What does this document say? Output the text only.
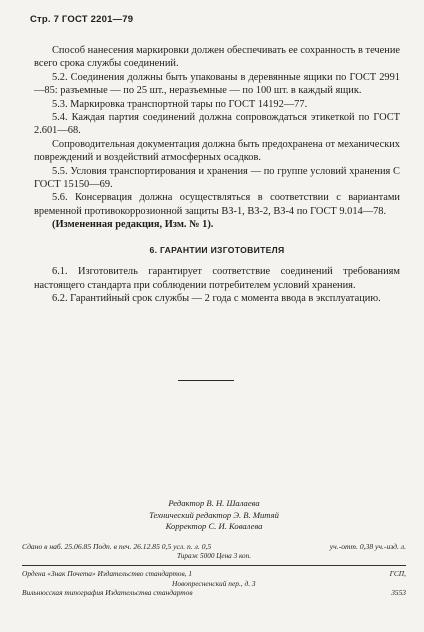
Стр. 7 ГОСТ 2201—79

Способ нанесения маркировки должен обеспечивать ее сохранность в течение всего срока службы соединений.

5.2. Соединения должны быть упакованы в деревянные ящики по ГОСТ 2991—85: разъемные — по 25 шт., неразъемные — по 100 шт. в каждый ящик.

5.3. Маркировка транспортной тары по ГОСТ 14192—77.

5.4. Каждая партия соединений должна сопровождаться этикеткой по ГОСТ 2.601—68.

Сопроводительная документация должна быть предохранена от механических повреждений и воздействий атмосферных осадков.

5.5. Условия транспортирования и хранения — по группе условий хранения С ГОСТ 15150—69.

5.6. Консервация должна осуществляться в соответствии с вариантами временной противокоррозионной защиты ВЗ-1, ВЗ-2, ВЗ-4 по ГОСТ 9.014—78.

(Измененная редакция, Изм. № 1).

6. ГАРАНТИИ ИЗГОТОВИТЕЛЯ

6.1. Изготовитель гарантирует соответствие соединений требованиям настоящего стандарта при соблюдении потребителем условий хранения.

6.2. Гарантийный срок службы — 2 года с момента ввода в эксплуатацию.

Редактор В. Н. Шалаева
Технический редактор Э. В. Митяй
Корректор С. И. Ковалева
Сдано в наб. 25.06.85 Подп. в печ. 26.12.85 0,5 усл. п. л. 0,5	уч.-отт. 0,38 уч.-изд. л.
Тираж 5000 Цена 3 коп.
Ордена «Знак Почета» Издательство стандартов, 1	ГСП,
Новопресненский пер., д. 3
Вильнюсская типография Издательства стандартов	3553
